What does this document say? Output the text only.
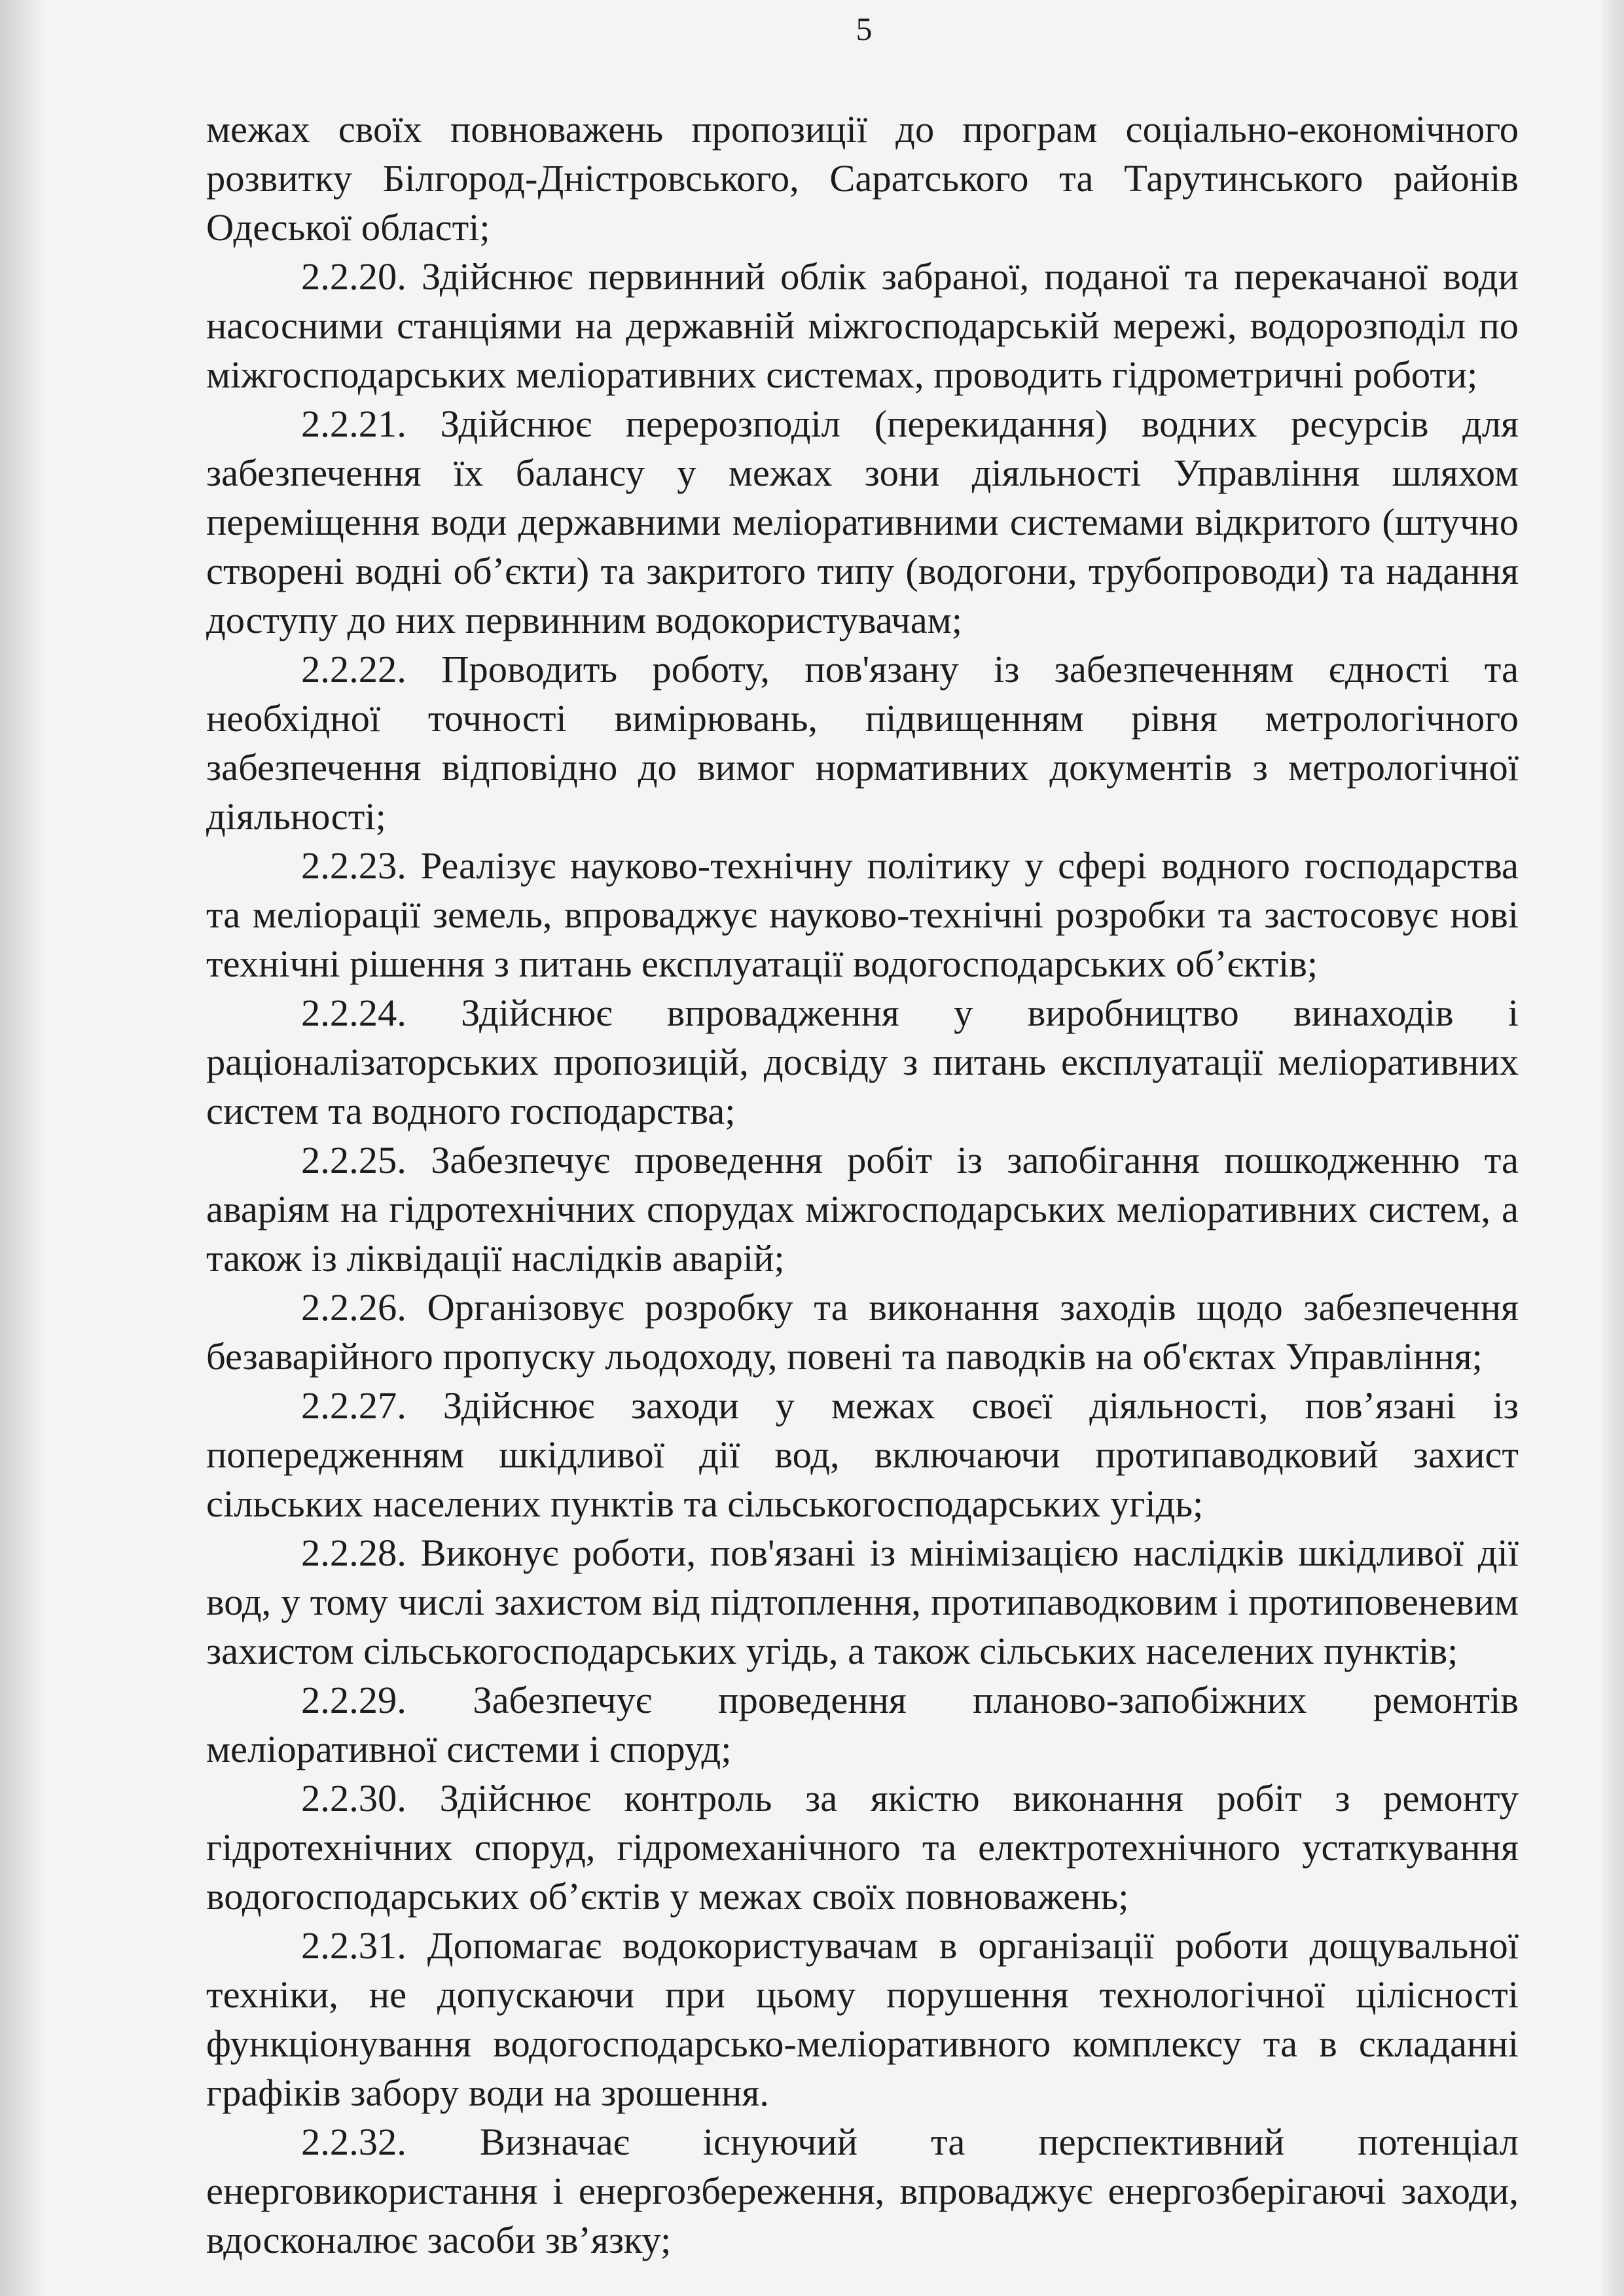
5

межах своїх повноважень пропозиції до програм соціально-економічного розвитку Білгород-Дністровського, Саратського та Тарутинського районів Одеської області;

2.2.20. Здійснює первинний облік забраної, поданої та перекачаної води насосними станціями на державній міжгосподарській мережі, водорозподіл по міжгосподарських меліоративних системах, проводить гідрометричні роботи;

2.2.21. Здійснює перерозподіл (перекидання) водних ресурсів для забезпечення їх балансу у межах зони діяльності Управління шляхом переміщення води державними меліоративними системами відкритого (штучно створені водні об’єкти) та закритого типу (водогони, трубопроводи) та надання доступу до них первинним водокористувачам;

2.2.22. Проводить роботу, пов'язану із забезпеченням єдності та необхідної точності вимірювань, підвищенням рівня метрологічного забезпечення відповідно до вимог нормативних документів з метрологічної діяльності;

2.2.23. Реалізує науково-технічну політику у сфері водного господарства та меліорації земель, впроваджує науково-технічні розробки та застосовує нові технічні рішення з питань експлуатації водогосподарських об’єктів;

2.2.24. Здійснює впровадження у виробництво винаходів і раціоналізаторських пропозицій, досвіду з питань експлуатації меліоративних систем та водного господарства;

2.2.25. Забезпечує проведення робіт із запобігання пошкодженню та аваріям на гідротехнічних спорудах міжгосподарських меліоративних систем, а також із ліквідації наслідків аварій;

2.2.26. Організовує розробку та виконання заходів щодо забезпечення безаварійного пропуску льодоходу, повені та паводків на об'єктах Управління;

2.2.27. Здійснює заходи у межах своєї діяльності, пов’язані із попередженням шкідливої дії вод, включаючи протипаводковий захист сільських населених пунктів та сільськогосподарських угідь;

2.2.28. Виконує роботи, пов'язані із мінімізацією наслідків шкідливої дії вод, у тому числі захистом від підтоплення, протипаводковим і протиповеневим захистом сільськогосподарських угідь, а також сільських населених пунктів;

2.2.29. Забезпечує проведення планово-запобіжних ремонтів меліоративної системи і споруд;

2.2.30. Здійснює контроль за якістю виконання робіт з ремонту гідротехнічних споруд, гідромеханічного та електротехнічного устаткування водогосподарських об’єктів у межах своїх повноважень;

2.2.31. Допомагає водокористувачам в організації роботи дощувальної техніки, не допускаючи при цьому порушення технологічної цілісності функціонування водогосподарсько-меліоративного комплексу та в складанні графіків забору води на зрошення.

2.2.32. Визначає існуючий та перспективний потенціал енерговикористання і енергозбереження, впроваджує енергозберігаючі заходи, вдосконалює засоби зв’язку;
